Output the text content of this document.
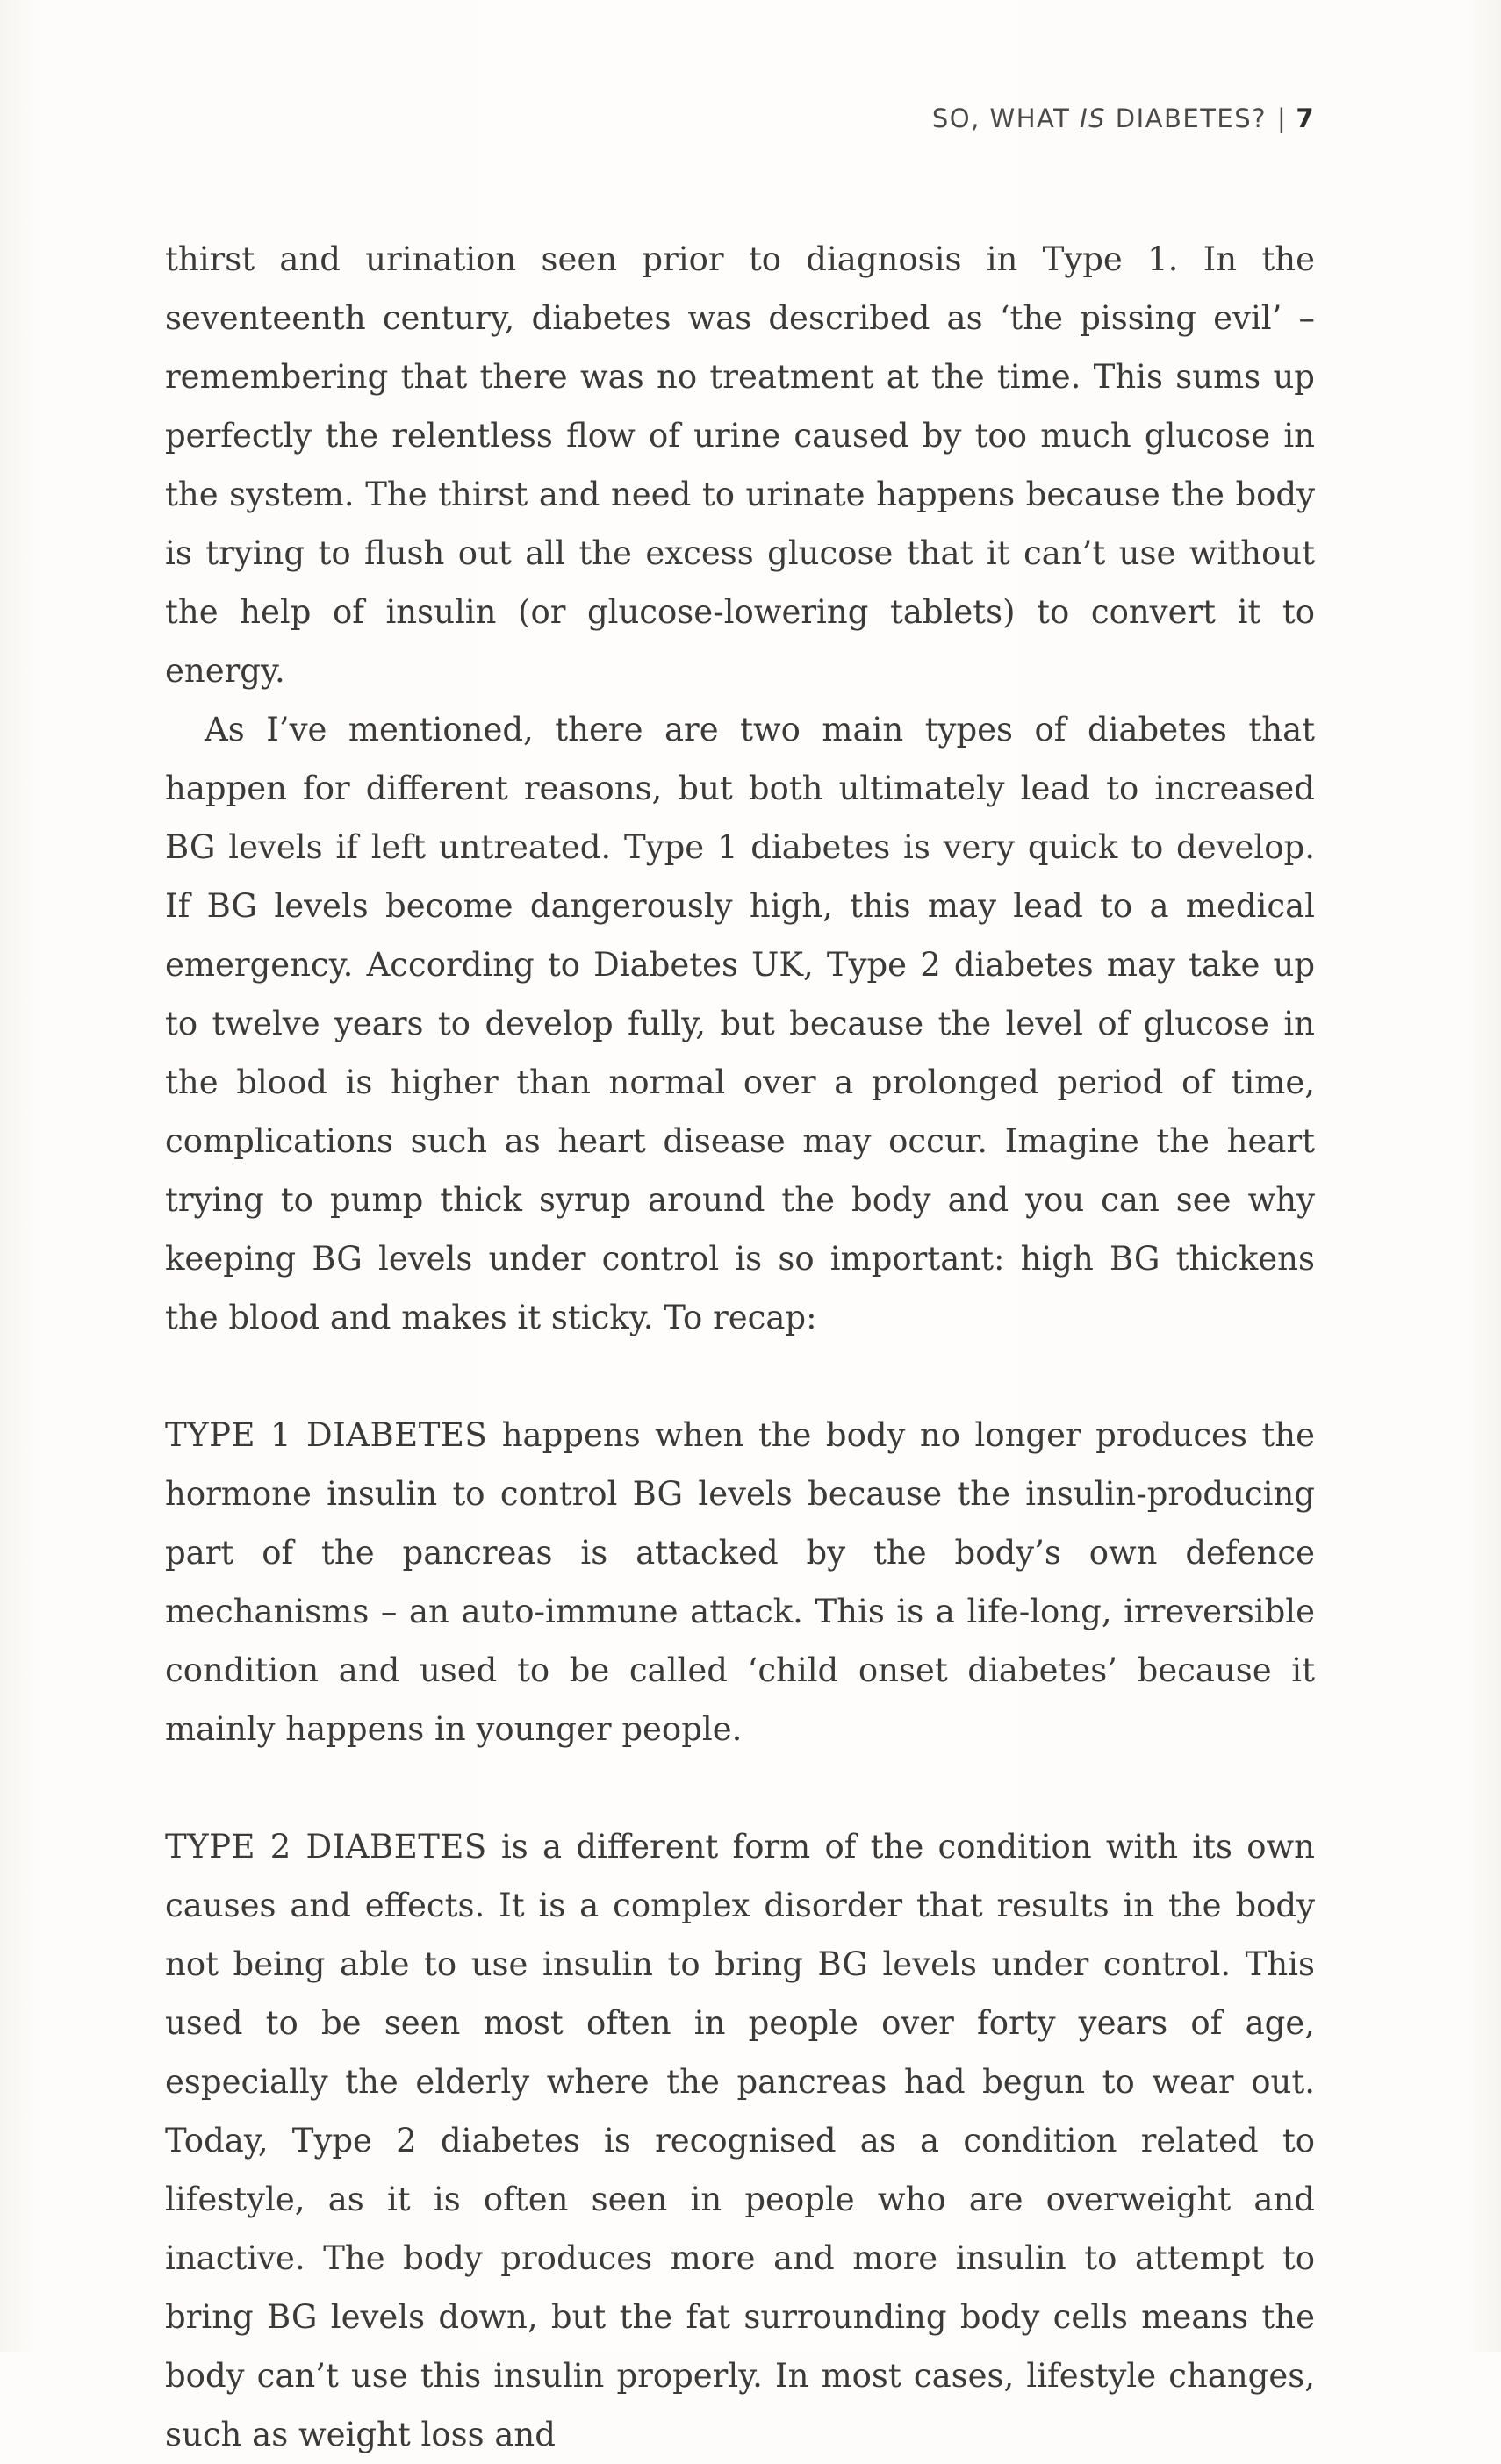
SO, WHAT IS DIABETES? | 7

thirst and urination seen prior to diagnosis in Type 1. In the seventeenth century, diabetes was described as ‘the pissing evil’ – remembering that there was no treatment at the time. This sums up perfectly the relentless flow of urine caused by too much glucose in the system. The thirst and need to urinate happens because the body is trying to flush out all the excess glucose that it can’t use without the help of insulin (or glucose-lowering tablets) to convert it to energy.

As I’ve mentioned, there are two main types of diabetes that happen for different reasons, but both ultimately lead to increased BG levels if left untreated. Type 1 diabetes is very quick to develop. If BG levels become dangerously high, this may lead to a medical emergency. According to Diabetes UK, Type 2 diabetes may take up to twelve years to develop fully, but because the level of glucose in the blood is higher than normal over a prolonged period of time, complications such as heart disease may occur. Imagine the heart trying to pump thick syrup around the body and you can see why keeping BG levels under control is so important: high BG thickens the blood and makes it sticky. To recap:

TYPE 1 DIABETES happens when the body no longer produces the hormone insulin to control BG levels because the insulin-producing part of the pancreas is attacked by the body’s own defence mechanisms – an auto-immune attack. This is a life-long, irreversible condition and used to be called ‘child onset diabetes’ because it mainly happens in younger people.

TYPE 2 DIABETES is a different form of the condition with its own causes and effects. It is a complex disorder that results in the body not being able to use insulin to bring BG levels under control. This used to be seen most often in people over forty years of age, especially the elderly where the pancreas had begun to wear out. Today, Type 2 diabetes is recognised as a condition related to lifestyle, as it is often seen in people who are overweight and inactive. The body produces more and more insulin to attempt to bring BG levels down, but the fat surrounding body cells means the body can’t use this insulin properly. In most cases, lifestyle changes, such as weight loss and
